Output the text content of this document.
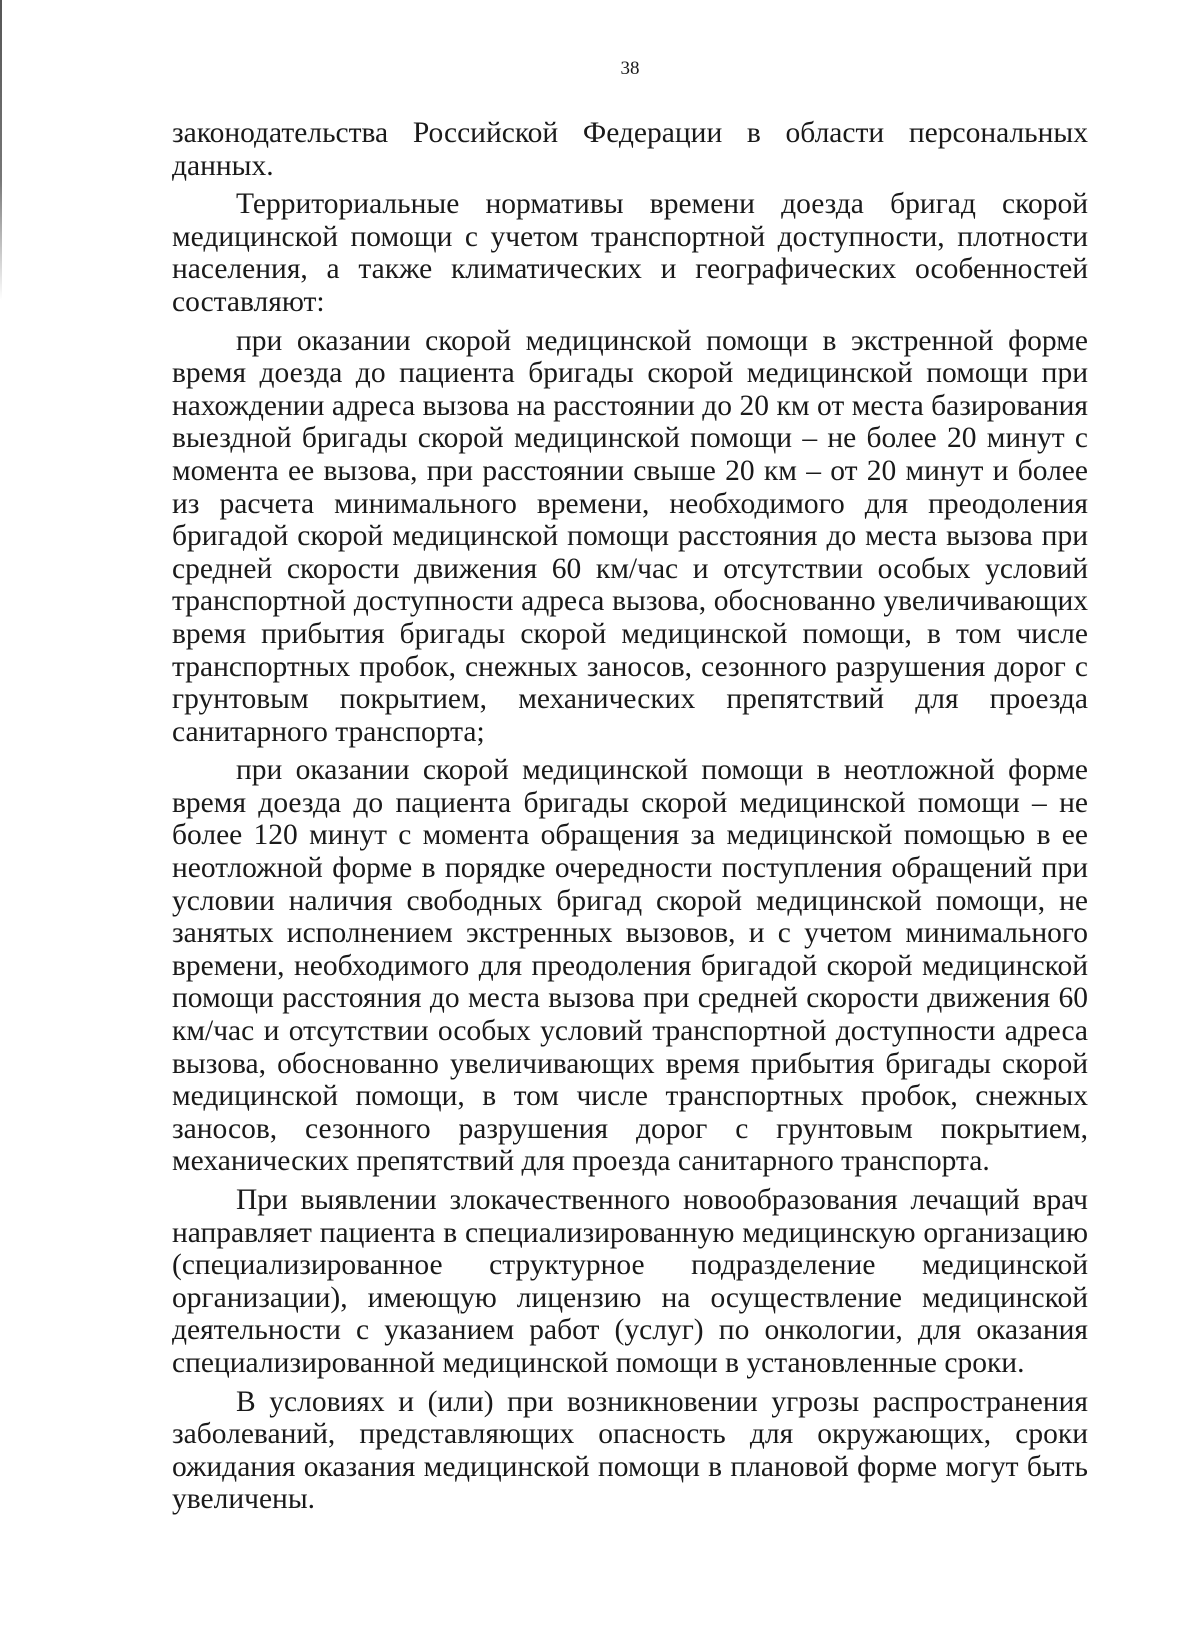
38

законодательства Российской Федерации в области персональных данных.

Территориальные нормативы времени доезда бригад скорой медицинской помощи с учетом транспортной доступности, плотности населения, а также климатических и географических особенностей составляют:

при оказании скорой медицинской помощи в экстренной форме время доезда до пациента бригады скорой медицинской помощи при нахождении адреса вызова на расстоянии до 20 км от места базирования выездной бригады скорой медицинской помощи – не более 20 минут с момента ее вызова, при расстоянии свыше 20 км – от 20 минут и более из расчета минимального времени, необходимого для преодоления бригадой скорой медицинской помощи расстояния до места вызова при средней скорости движения 60 км/час и отсутствии особых условий транспортной доступности адреса вызова, обоснованно увеличивающих время прибытия бригады скорой медицинской помощи, в том числе транспортных пробок, снежных заносов, сезонного разрушения дорог с грунтовым покрытием, механических препятствий для проезда санитарного транспорта;

при оказании скорой медицинской помощи в неотложной форме время доезда до пациента бригады скорой медицинской помощи – не более 120 минут с момента обращения за медицинской помощью в ее неотложной форме в порядке очередности поступления обращений при условии наличия свободных бригад скорой медицинской помощи, не занятых исполнением экстренных вызовов, и с учетом минимального времени, необходимого для преодоления бригадой скорой медицинской помощи расстояния до места вызова при средней скорости движения 60 км/час и отсутствии особых условий транспортной доступности адреса вызова, обоснованно увеличивающих время прибытия бригады скорой медицинской помощи, в том числе транспортных пробок, снежных заносов, сезонного разрушения дорог с грунтовым покрытием, механических препятствий для проезда санитарного транспорта.

При выявлении злокачественного новообразования лечащий врач направляет пациента в специализированную медицинскую организацию (специализированное структурное подразделение медицинской организации), имеющую лицензию на осуществление медицинской деятельности с указанием работ (услуг) по онкологии, для оказания специализированной медицинской помощи в установленные сроки.

В условиях и (или) при возникновении угрозы распространения заболеваний, представляющих опасность для окружающих, сроки ожидания оказания медицинской помощи в плановой форме могут быть увеличены.
